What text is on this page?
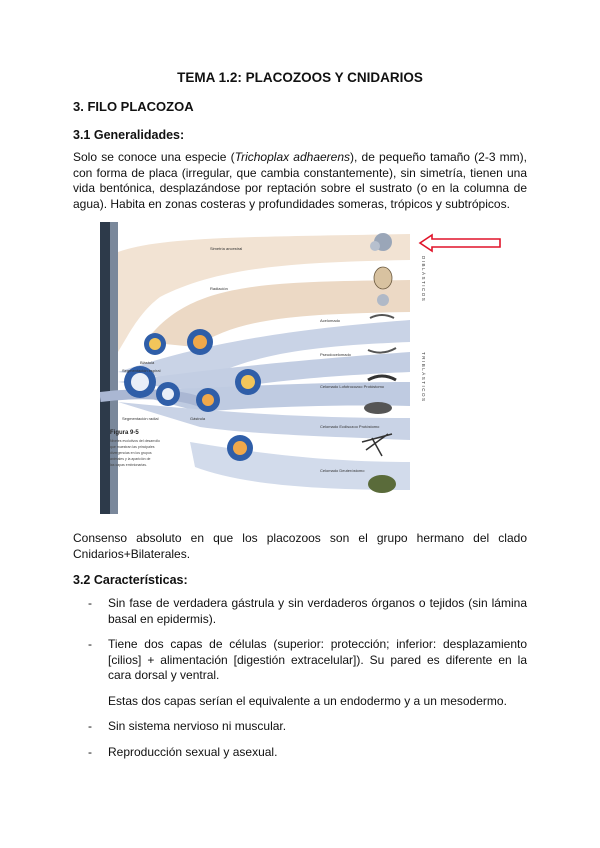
TEMA 1.2: PLACOZOOS Y CNIDARIOS
3. FILO PLACOZOA
3.1 Generalidades:
Solo se conoce una especie (Trichoplax adhaerens), de pequeño tamaño (2-3 mm), con forma de placa (irregular, que cambia constantemente), sin simetría, tienen una vida bentónica, desplazándose por reptación sobre el sustrato (o en la columna de agua). Habita en zonas costeras y profundidades someras, trópicos y subtrópicos.
Simetría ancestral
Radiación
Acelomado
Pseudocelomado
Celomado Lofotrocozoo Protóstomo
Celomado Ecdisozoo Protóstomo
Celomado Deuteróstomo
Blástula
Gástrula
Segmentación espiral
Segmentación radial
Figura 9-5
Niveles evolutivos del desarrollo
que muestran las principales
divergencias en los grupos
animales y la aparición de
las capas embrionarias.
DIBLÁSTICOS
TRIBLÁSTICOS
Consenso absoluto en que los placozoos son el grupo hermano del clado Cnidarios+Bilaterales.
3.2 Características:
- Sin fase de verdadera gástrula y sin verdaderos órganos o tejidos (sin lámina basal en epidermis).
- Tiene dos capas de células (superior: protección; inferior: desplazamiento [cilios] + alimentación [digestión extracelular]). Su pared es diferente en la cara dorsal y ventral.
Estas dos capas serían el equivalente a un endodermo y a un mesodermo.
- Sin sistema nervioso ni muscular.
- Reproducción sexual y asexual.
